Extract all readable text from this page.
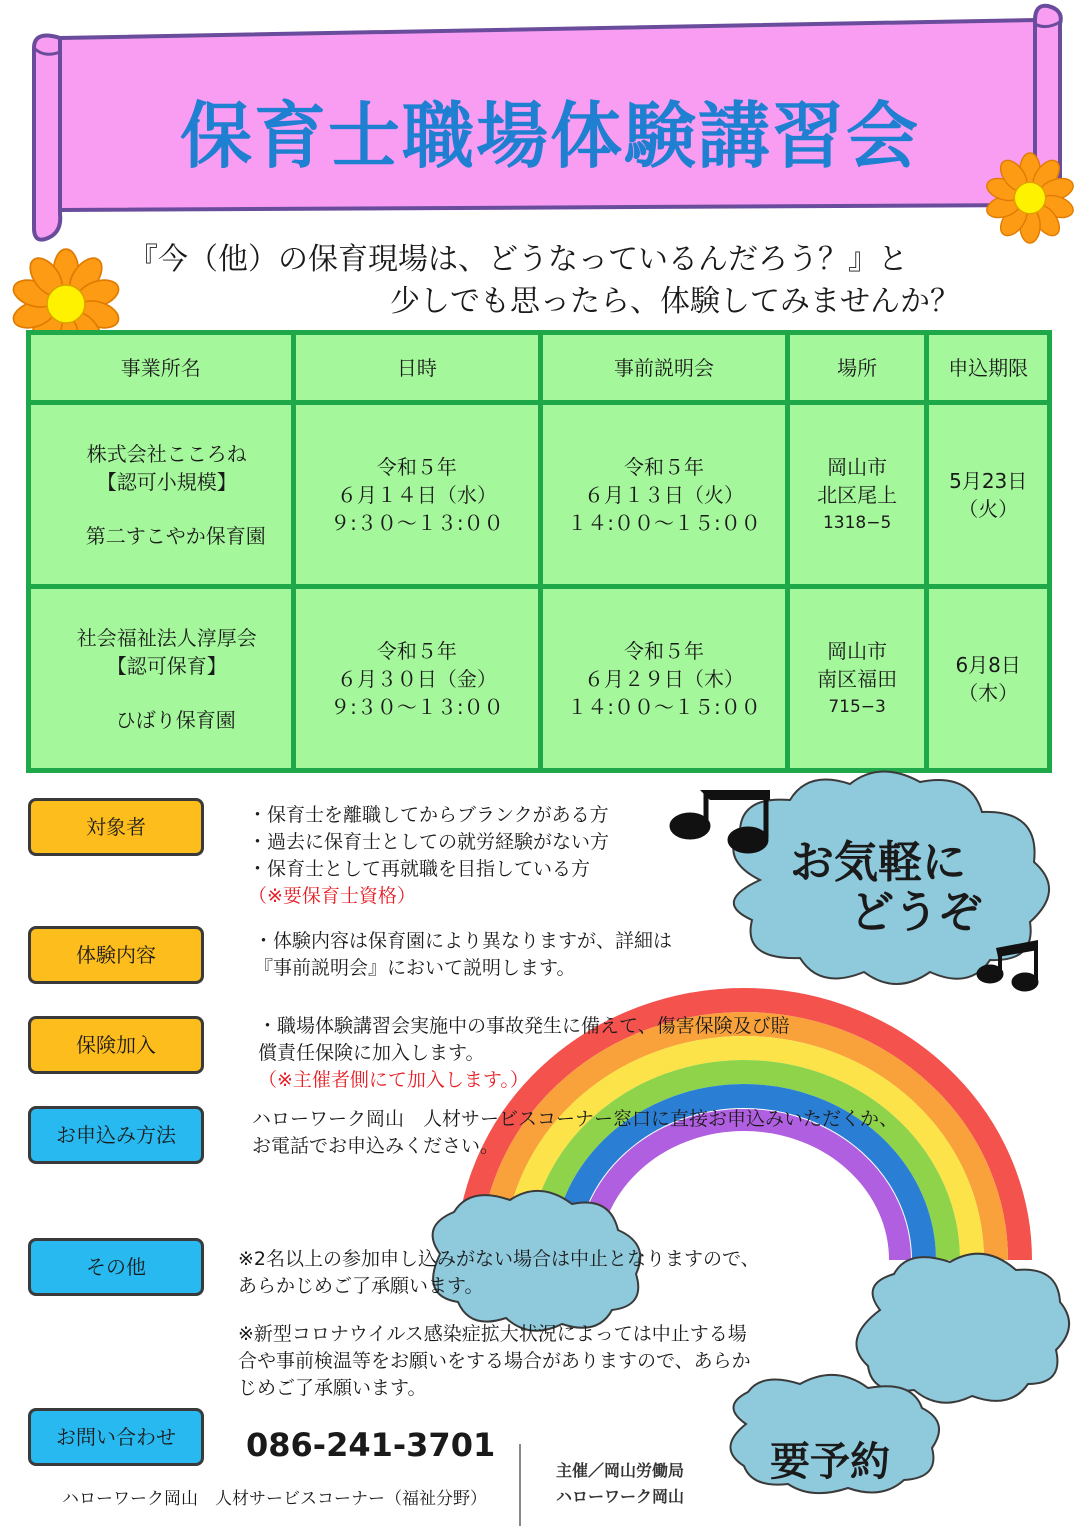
保育士職場体験講習会
『今（他）の保育現場は、どうなっているんだろう？』と
少しでも思ったら、体験してみませんか？
事業所名	日時	事前説明会	場所	申込期限

株式会社こころね
【認可小規模】
第二すこやか保育園	令和５年
６月１４日（水）
９:３０～１３:００	令和５年
６月１３日（火）
１４:００～１５:００	岡山市
北区尾上
1318−5	5月23日
（火）

社会福祉法人淳厚会
【認可保育】
ひばり保育園	令和５年
６月３０日（金）
９:３０～１３:００	令和５年
６月２９日（木）
１４:００～１５:００	岡山市
南区福田
715−3	6月8日
（木）
お気軽に
どうぞ
要予約
対象者	・保育士を離職してからブランクがある方
・過去に保育士としての就労経験がない方
・保育士として再就職を目指している方
（※要保育士資格）
体験内容
・体験内容は保育園により異なりますが、詳細は
『事前説明会』において説明します。
保険加入
・職場体験講習会実施中の事故発生に備えて、傷害保険及び賠
償責任保険に加入します。
（※主催者側にて加入します。）
お申込み方法
ハローワーク岡山　人材サービスコーナー窓口に直接お申込みいただくか、
お電話でお申込みください。
その他	※2名以上の参加申し込みがない場合は中止となりますので、
あらかじめご了承願います。
※新型コロナウイルス感染症拡大状況によっては中止する場
合や事前検温等をお願いをする場合がありますので、あらか
じめご了承願います。
お問い合わせ	086-241-3701
ハローワーク岡山　人材サービスコーナー（福祉分野）
主催／岡山労働局
ハローワーク岡山
